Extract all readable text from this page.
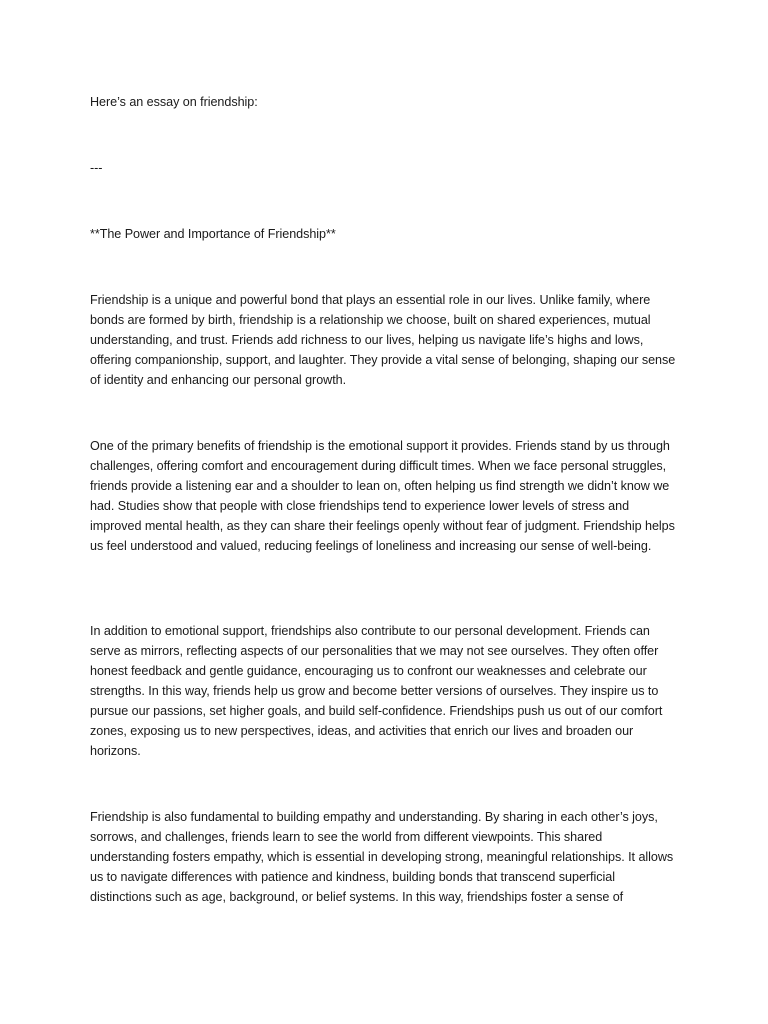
Here’s an essay on friendship:

---

**The Power and Importance of Friendship**

Friendship is a unique and powerful bond that plays an essential role in our lives. Unlike family, where bonds are formed by birth, friendship is a relationship we choose, built on shared experiences, mutual understanding, and trust. Friends add richness to our lives, helping us navigate life’s highs and lows, offering companionship, support, and laughter. They provide a vital sense of belonging, shaping our sense of identity and enhancing our personal growth.

One of the primary benefits of friendship is the emotional support it provides. Friends stand by us through challenges, offering comfort and encouragement during difficult times. When we face personal struggles, friends provide a listening ear and a shoulder to lean on, often helping us find strength we didn’t know we had. Studies show that people with close friendships tend to experience lower levels of stress and improved mental health, as they can share their feelings openly without fear of judgment. Friendship helps us feel understood and valued, reducing feelings of loneliness and increasing our sense of well-being.

In addition to emotional support, friendships also contribute to our personal development. Friends can serve as mirrors, reflecting aspects of our personalities that we may not see ourselves. They often offer honest feedback and gentle guidance, encouraging us to confront our weaknesses and celebrate our strengths. In this way, friends help us grow and become better versions of ourselves. They inspire us to pursue our passions, set higher goals, and build self-confidence. Friendships push us out of our comfort zones, exposing us to new perspectives, ideas, and activities that enrich our lives and broaden our horizons.

Friendship is also fundamental to building empathy and understanding. By sharing in each other’s joys, sorrows, and challenges, friends learn to see the world from different viewpoints. This shared understanding fosters empathy, which is essential in developing strong, meaningful relationships. It allows us to navigate differences with patience and kindness, building bonds that transcend superficial distinctions such as age, background, or belief systems. In this way, friendships foster a sense of
